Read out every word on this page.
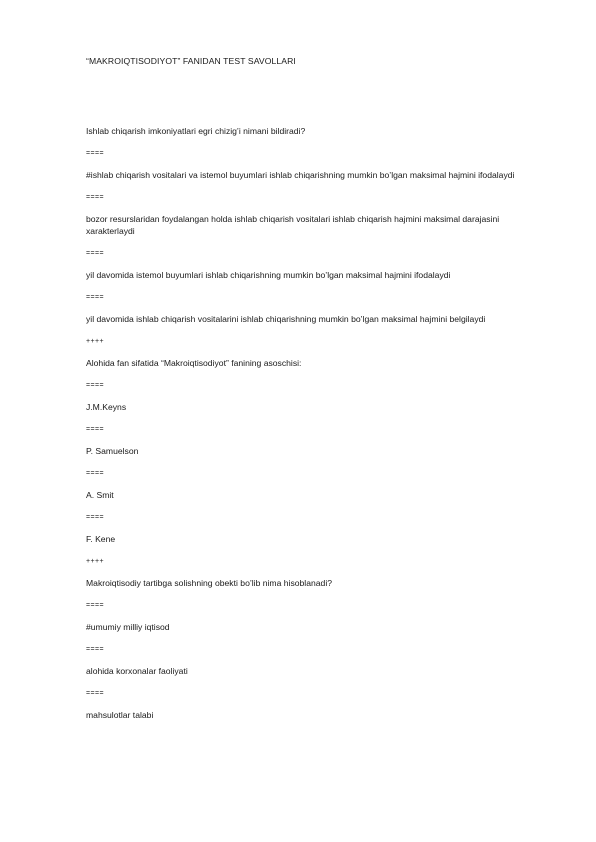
“MAKROIQTISODIYOT” FANIDAN TEST SAVOLLARI
Ishlab chiqarish imkoniyatlari egri chizig’i nimani bildiradi?
====
#ishlab chiqarish vositalari va istemol buyumlari ishlab chiqarishning mumkin bo’lgan maksimal hajmini ifodalaydi
====
bozor resurslaridan foydalangan holda ishlab chiqarish vositalari ishlab chiqarish hajmini maksimal darajasini xarakterlaydi
====
yil davomida istemol buyumlari ishlab chiqarishning mumkin bo’lgan maksimal hajmini ifodalaydi
====
yil davomida ishlab chiqarish vositalarini ishlab chiqarishning mumkin bo’lgan maksimal hajmini belgilaydi
++++
Alohida fan sifatida “Makroiqtisodiyot” fanining asoschisi:
====
J.M.Keyns
====
P. Samuelson
====
A. Smit
====
F. Kene
++++
Makroiqtisodiy tartibga solishning obekti bo’lib nima hisoblanadi?
====
#umumiy milliy iqtisod
====
alohida korxonalar faoliyati
====
mahsulotlar talabi
